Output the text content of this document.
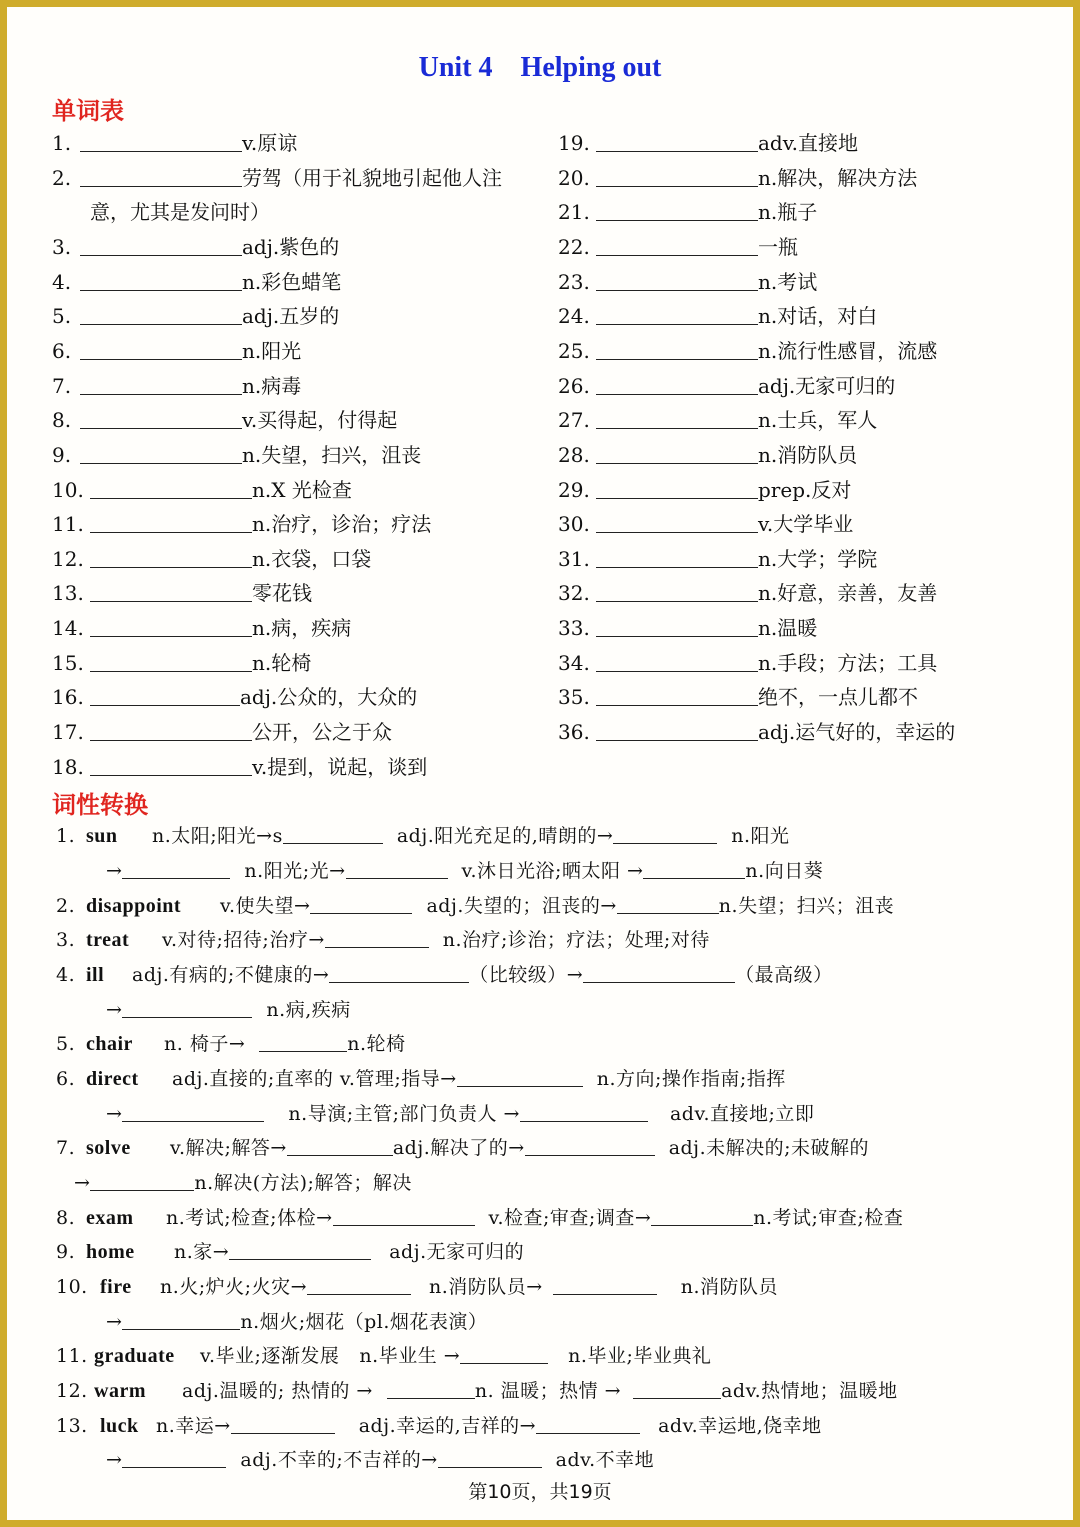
Unit 4    Helping out
单词表
1.	v.原谅
2.	劳驾（用于礼貌地引起他人注
意，尤其是发问时）
3.	adj.紫色的
4.	n.彩色蜡笔
5.	adj.五岁的
6.	n.阳光
7.	n.病毒
8.	v.买得起，付得起
9.	n.失望，扫兴，沮丧
10.	n.X 光检查
11.	n.治疗，诊治；疗法
12.	n.衣袋，口袋
13.	零花钱
14.	n.病，疾病
15.	n.轮椅
16.	adj.公众的，大众的
17.	公开，公之于众
18.	v.提到，说起，谈到
19.	adv.直接地
20.	n.解决，解决方法
21.	n.瓶子
22.	一瓶
23.	n.考试
24.	n.对话，对白
25.	n.流行性感冒，流感
26.	adj.无家可归的
27.	n.士兵，军人
28.	n.消防队员
29.	prep.反对
30.	v.大学毕业
31.	n.大学；学院
32.	n.好意，亲善，友善
33.	n.温暖
34.	n.手段；方法；工具
35.	绝不，一点儿都不
36.	adj.运气好的，幸运的
词性转换
1. sun n.太阳;阳光→s	adj.阳光充足的,晴朗的→	n.阳光
→	n.阳光;光→	v.沐日光浴;晒太阳 →	n.向日葵
2. disappoint v.使失望→	adj.失望的；沮丧的→	n.失望；扫兴；沮丧
3. treat v.对待;招待;治疗→	n.治疗;诊治；疗法；处理;对待
4. ill adj.有病的;不健康的→	（比较级）→	（最高级）
→	n.病,疾病
5. chair n. 椅子→	n.轮椅
6. direct adj.直接的;直率的 v.管理;指导→	n.方向;操作指南;指挥
→	n.导演;主管;部门负责人 →	adv.直接地;立即
7. solve v.解决;解答→	adj.解决了的→	adj.未解决的;未破解的
→	n.解决(方法);解答；解决
8. exam n.考试;检查;体检→	v.检查;审查;调查→	n.考试;审查;检查
9. home n.家→	adj.无家可归的
10. fire n.火;炉火;火灾→	n.消防队员→	n.消防队员
→	n.烟火;烟花（pl.烟花表演）
11. graduate v.毕业;逐渐发展 n.毕业生 →	n.毕业;毕业典礼
12. warm adj.温暖的; 热情的 →	n. 温暖；热情 →	adv.热情地；温暖地
13. luck n.幸运→	adj.幸运的,吉祥的→	adv.幸运地,侥幸地
→	adj.不幸的;不吉祥的→	adv.不幸地
第10页，共19页
